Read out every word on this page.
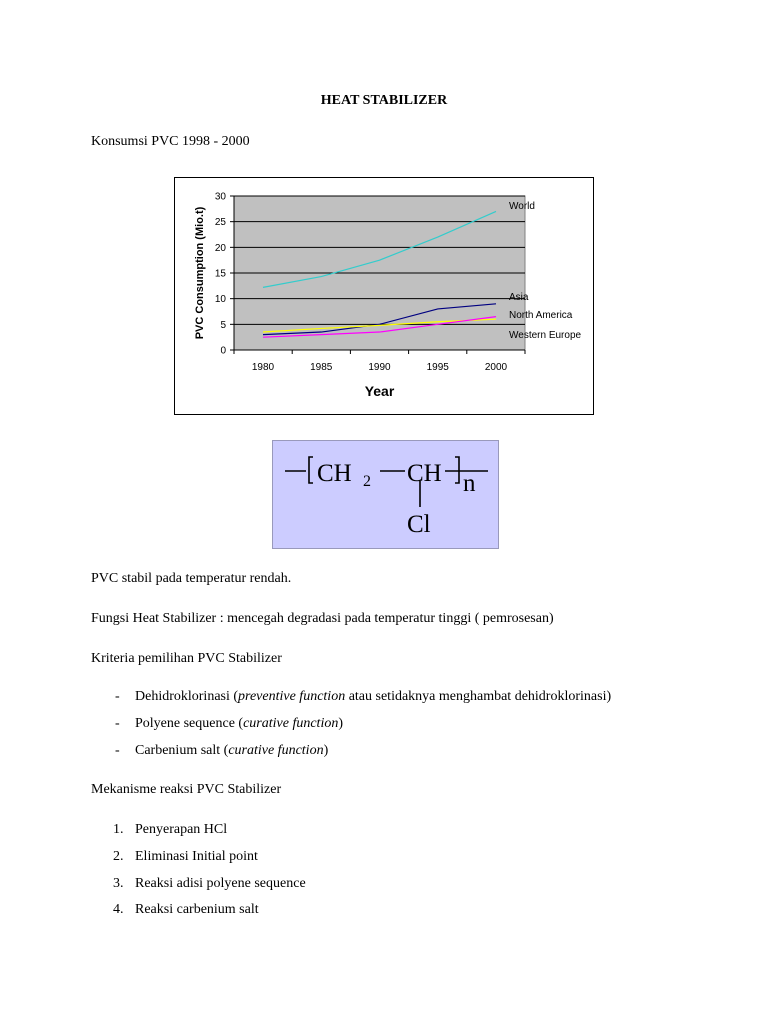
HEAT STABILIZER
Konsumsi PVC 1998 - 2000
0
5
10
15
20
25
30
1980	1985	1990	1995	2000
PVC Consumption (Mio.t)
Year
World
Asia
North America
Western Europe
CH 2 CH n
Cl
PVC stabil pada temperatur rendah.
Fungsi Heat Stabilizer : mencegah degradasi pada temperatur tinggi ( pemrosesan)
Kriteria pemilihan PVC Stabilizer
- Dehidroklorinasi (preventive function atau setidaknya menghambat dehidroklorinasi)
- Polyene sequence (curative function)
- Carbenium salt (curative function)
Mekanisme reaksi PVC Stabilizer
1. Penyerapan HCl
2. Eliminasi Initial point
3. Reaksi adisi polyene sequence
4. Reaksi carbenium salt
